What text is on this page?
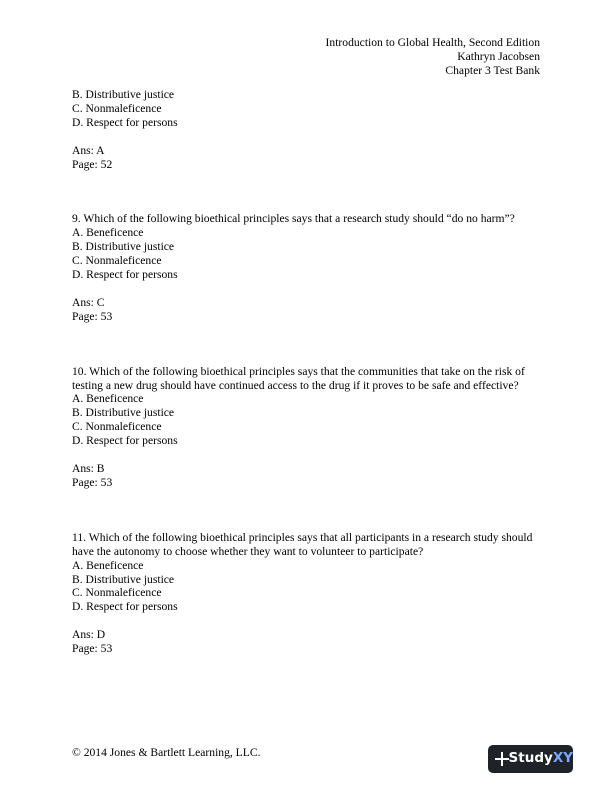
Introduction to Global Health, Second Edition
Kathryn Jacobsen
Chapter 3 Test Bank
B. Distributive justice
C. Nonmaleficence
D. Respect for persons
Ans: A
Page: 52
9. Which of the following bioethical principles says that a research study should “do no harm”?
A. Beneficence
B. Distributive justice
C. Nonmaleficence
D. Respect for persons
Ans: C
Page: 53
10. Which of the following bioethical principles says that the communities that take on the risk of testing a new drug should have continued access to the drug if it proves to be safe and effective?
A. Beneficence
B. Distributive justice
C. Nonmaleficence
D. Respect for persons
Ans: B
Page: 53
11. Which of the following bioethical principles says that all participants in a research study should have the autonomy to choose whether they want to volunteer to participate?
A. Beneficence
B. Distributive justice
C. Nonmaleficence
D. Respect for persons
Ans: D
Page: 53
© 2014 Jones & Bartlett Learning, LLC.	Study XY
